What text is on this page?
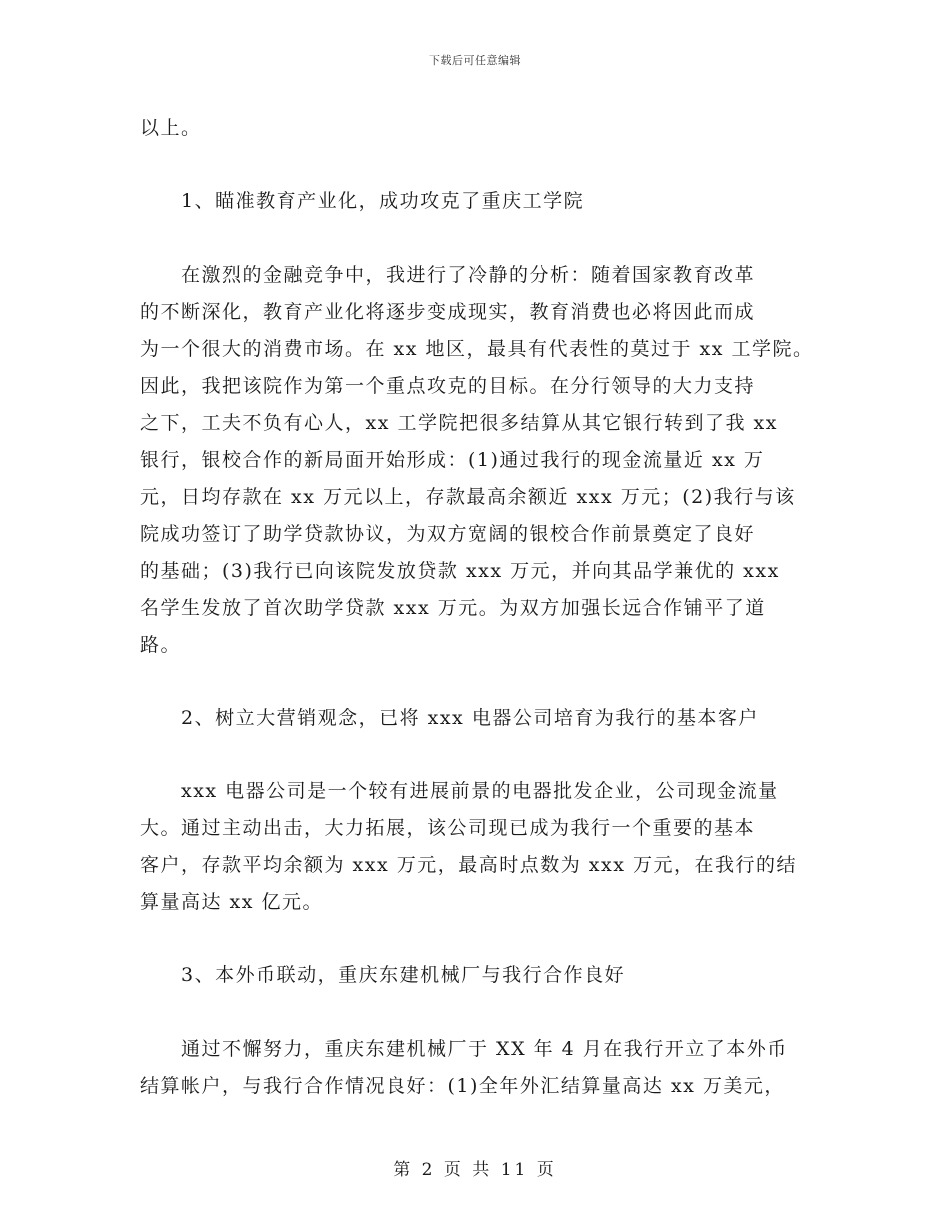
下载后可任意编辑
以上。
　　1、瞄准教育产业化，成功攻克了重庆工学院
　　在激烈的金融竞争中，我进行了冷静的分析：随着国家教育改革
的不断深化，教育产业化将逐步变成现实，教育消费也必将因此而成
为一个很大的消费市场。在 xx 地区，最具有代表性的莫过于 xx 工学院。
因此，我把该院作为第一个重点攻克的目标。在分行领导的大力支持
之下，工夫不负有心人，xx 工学院把很多结算从其它银行转到了我 xx
银行，银校合作的新局面开始形成：(1)通过我行的现金流量近 xx 万
元，日均存款在 xx 万元以上，存款最高余额近 xxx 万元；(2)我行与该
院成功签订了助学贷款协议，为双方宽阔的银校合作前景奠定了良好
的基础；(3)我行已向该院发放贷款 xxx 万元，并向其品学兼优的 xxx
名学生发放了首次助学贷款 xxx 万元。为双方加强长远合作铺平了道
路。
　　2、树立大营销观念，已将 xxx 电器公司培育为我行的基本客户
　　xxx 电器公司是一个较有进展前景的电器批发企业，公司现金流量
大。通过主动出击，大力拓展，该公司现已成为我行一个重要的基本
客户，存款平均余额为 xxx 万元，最高时点数为 xxx 万元，在我行的结
算量高达 xx 亿元。
　　3、本外币联动，重庆东建机械厂与我行合作良好
　　通过不懈努力，重庆东建机械厂于 XX 年 4 月在我行开立了本外币
结算帐户，与我行合作情况良好：(1)全年外汇结算量高达 xx 万美元，
第 2 页 共 11 页
